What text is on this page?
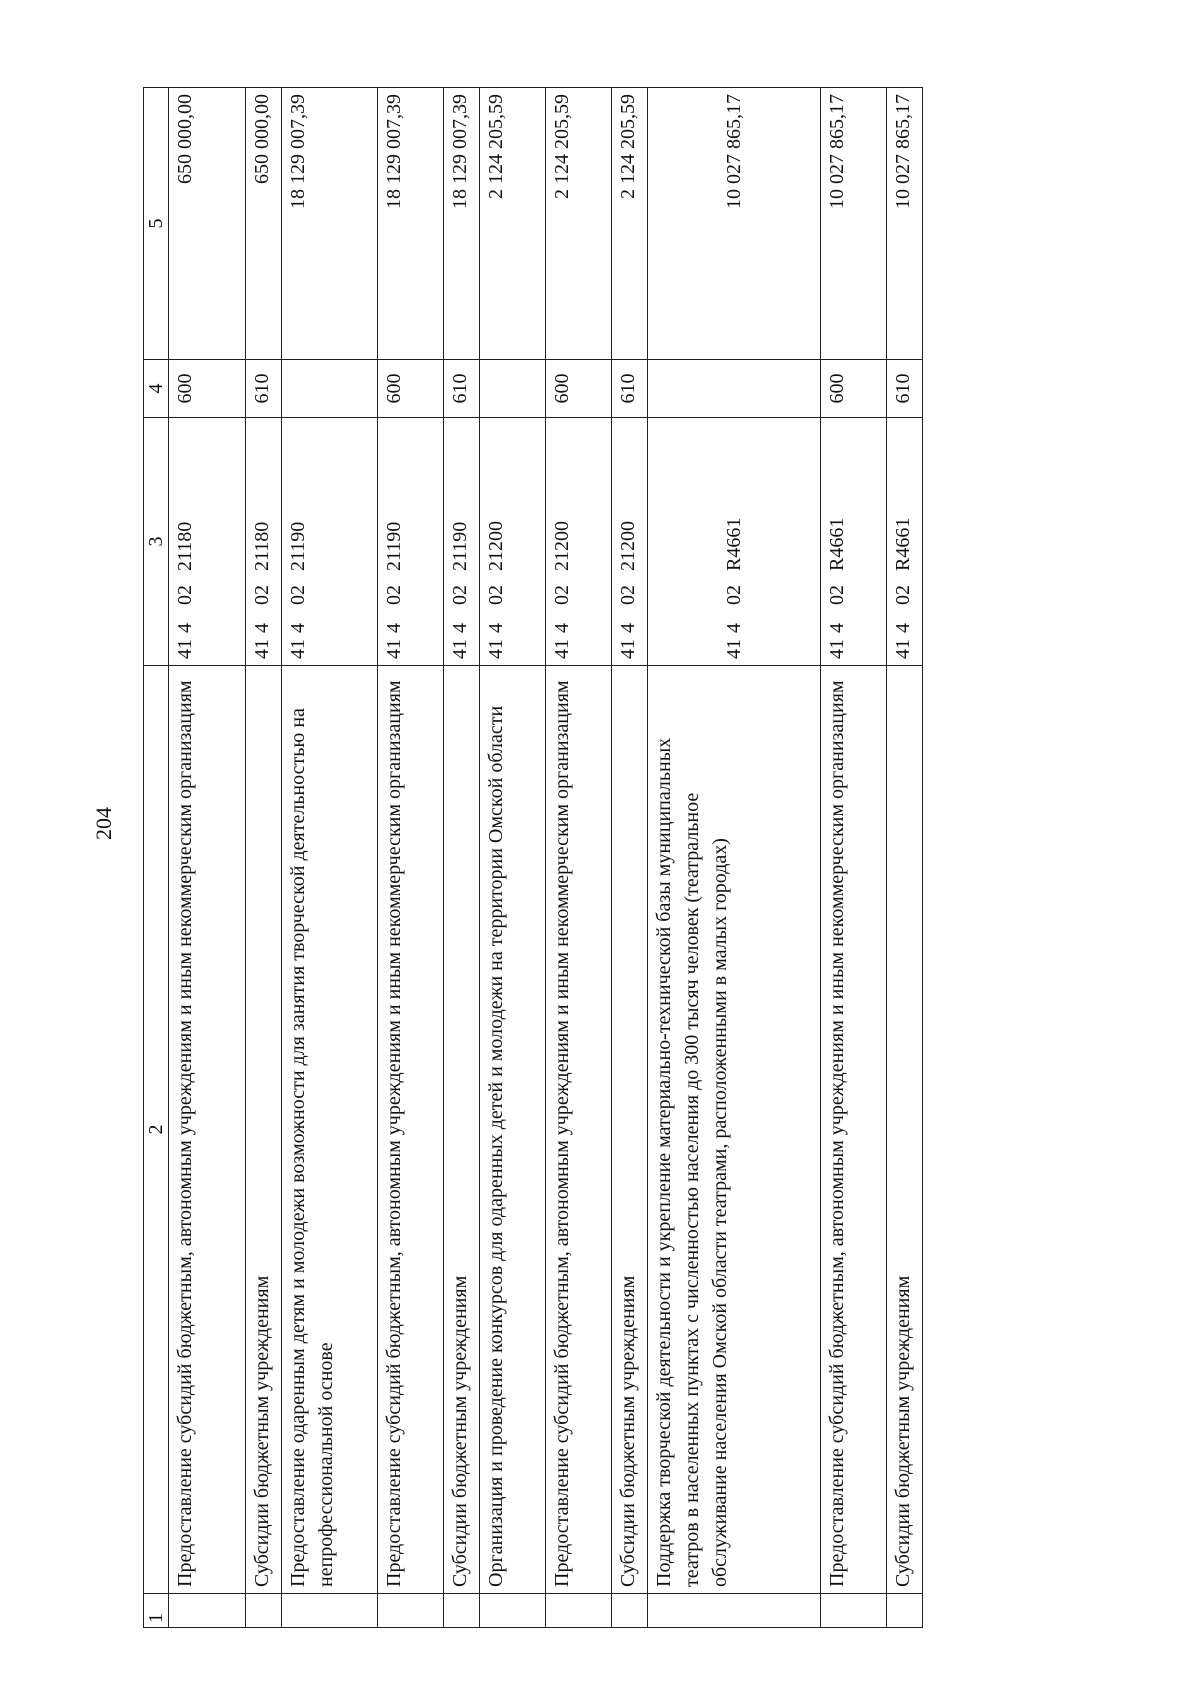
204
1	2	3	4	5
	Предоставление субсидий бюджетным, автономным учреждениям и иным некоммерческим организациям	4140221180	600	650 000,00
	Субсидии бюджетным учреждениям	4140221180	610	650 000,00
	Предоставление одаренным детям и молодежи возможности для занятия творческой деятельностью на непрофессиональной основе	4140221190		18 129 007,39
	Предоставление субсидий бюджетным, автономным учреждениям и иным некоммерческим организациям	4140221190	600	18 129 007,39
	Субсидии бюджетным учреждениям	4140221190	610	18 129 007,39
	Организация и проведение конкурсов для одаренных детей и молодежи на территории Омской области	4140221200		2 124 205,59
	Предоставление субсидий бюджетным, автономным учреждениям и иным некоммерческим организациям	4140221200	600	2 124 205,59
	Субсидии бюджетным учреждениям	4140221200	610	2 124 205,59
	Поддержка творческой деятельности и укрепление материально-технической базы муниципальных театров в населенных пунктах с численностью населения до 300 тысяч человек (театральное обслуживание населения Омской области театрами, расположенными в малых городах)	41402R4661		10 027 865,17
	Предоставление субсидий бюджетным, автономным учреждениям и иным некоммерческим организациям	41402R4661	600	10 027 865,17
	Субсидии бюджетным учреждениям	41402R4661	610	10 027 865,17
